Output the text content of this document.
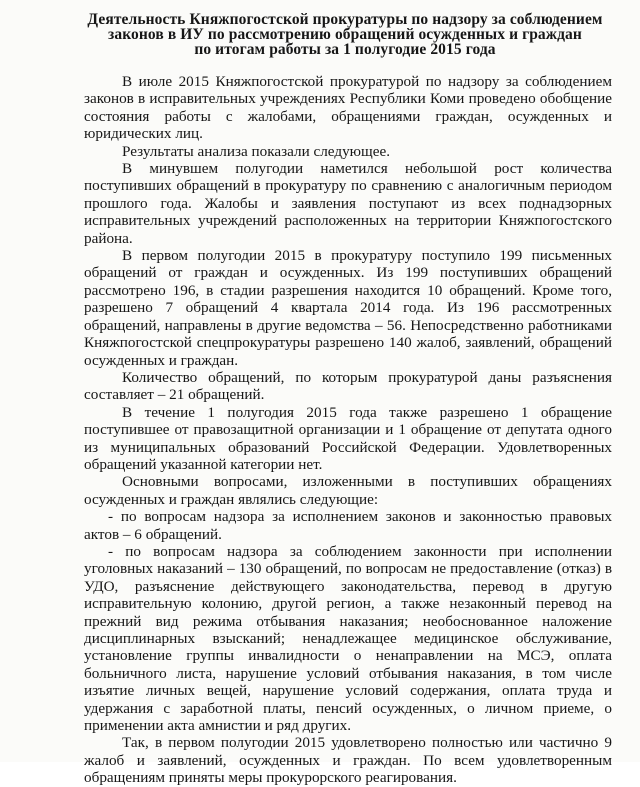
Деятельность Княжпогостской прокуратуры по надзору за соблюдением
законов в ИУ по рассмотрению обращений осужденных и граждан
по итогам работы за 1 полугодие 2015 года

В июле 2015 Княжпогостской прокуратурой по надзору за соблюдением законов в исправительных учреждениях Республики Коми проведено обобщение состояния работы с жалобами, обращениями граждан, осужденных и юридических лиц.

Результаты анализа показали следующее.

В минувшем полугодии наметился небольшой рост количества поступивших обращений в прокуратуру по сравнению с аналогичным периодом прошлого года. Жалобы и заявления поступают из всех поднадзорных исправительных учреждений расположенных на территории Княжпогостского района.

В первом полугодии 2015 в прокуратуру поступило 199 письменных обращений от граждан и осужденных. Из 199 поступивших обращений рассмотрено 196, в стадии разрешения находится 10 обращений. Кроме того, разрешено 7 обращений 4 квартала 2014 года. Из 196 рассмотренных обращений, направлены в другие ведомства – 56. Непосредственно работниками Княжпогостской спецпрокуратуры разрешено 140 жалоб, заявлений, обращений осужденных и граждан.

Количество обращений, по которым прокуратурой даны разъяснения составляет – 21 обращений.

В течение 1 полугодия 2015 года также разрешено 1 обращение поступившее от правозащитной организации и 1 обращение от депутата одного из муниципальных образований Российской Федерации. Удовлетворенных обращений указанной категории нет.

Основными вопросами, изложенными в поступивших обращениях осужденных и граждан являлись следующие:

- по вопросам надзора за исполнением законов и законностью правовых актов – 6 обращений.

- по вопросам надзора за соблюдением законности при исполнении уголовных наказаний – 130 обращений, по вопросам не предоставление (отказ) в УДО, разъяснение действующего законодательства, перевод в другую исправительную колонию, другой регион, а также незаконный перевод на прежний вид режима отбывания наказания; необоснованное наложение дисциплинарных взысканий; ненадлежащее медицинское обслуживание, установление группы инвалидности о ненаправлении на МСЭ, оплата больничного листа, нарушение условий отбывания наказания, в том числе изъятие личных вещей, нарушение условий содержания, оплата труда и удержания с заработной платы, пенсий осужденных, о личном приеме, о применении акта амнистии и ряд других.

Так, в первом полугодии 2015 удовлетворено полностью или частично 9 жалоб и заявлений, осужденных и граждан. По всем удовлетворенным обращениям приняты меры прокурорского реагирования.
